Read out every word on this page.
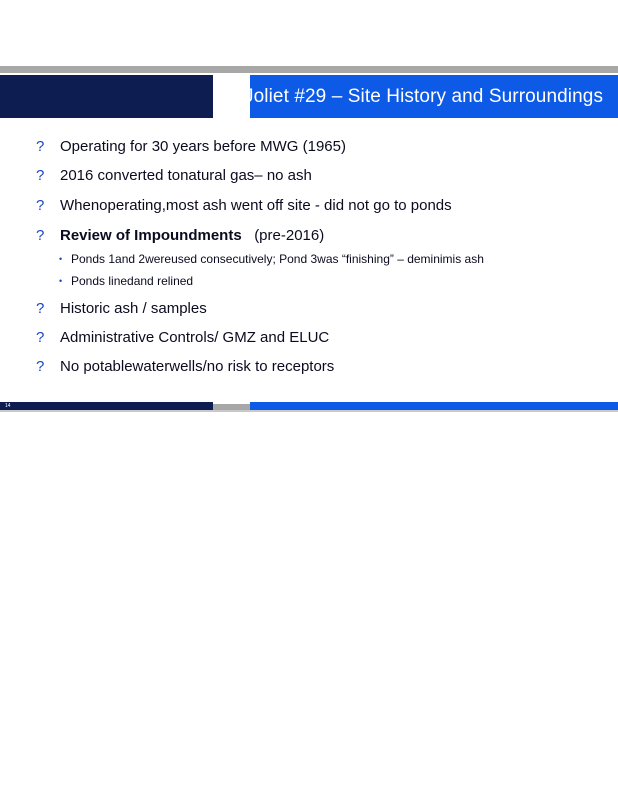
Joliet #29 – Site History and Surroundings
? Operating for 30 years before MWG (1965)
? 2016 converted tonatural gas– no ash
? Whenoperating,most ash went off site - did not go to ponds
? Review of Impoundments   (pre-2016)
• Ponds 1and 2wereused consecutively; Pond 3was “finishing” – deminimis ash
• Ponds linedand relined
? Historic ash / samples
? Administrative Controls/ GMZ and ELUC
? No potablewaterwells/no risk to receptors
14
